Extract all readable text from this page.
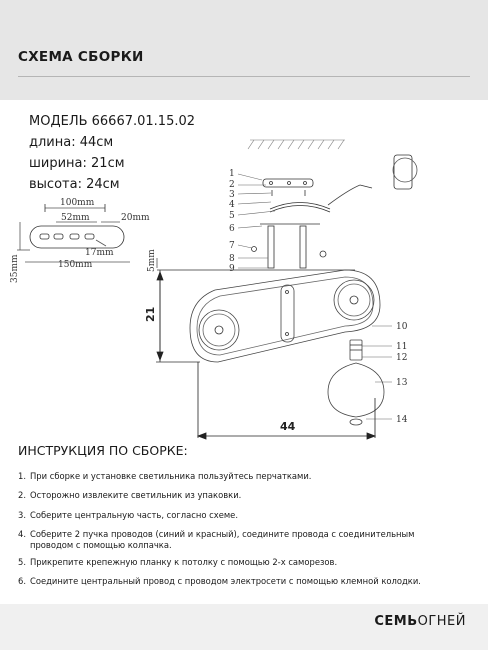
СХЕМА СБОРКИ
МОДЕЛЬ 66667.01.15.02
длина: 44см
ширина: 21см
высота: 24см
100mm
52mm	20mm
17mm
150mm
35mm	5mm
1
2
3
4
5
6
7
8
9
10
11
12
13
14
21
44
ИНСТРУКЦИЯ ПО СБОРКЕ:
1. При сборке и установке светильника пользуйтесь перчатками.
2. Осторожно извлеките светильник из упаковки.
3. Соберите центральную часть, согласно схеме.
4. Соберите 2 пучка проводов (синий и красный), соедините провода с соединительным
проводом с помощью колпачка.
5. Прикрепите крепежную планку к потолку с помощью 2-х саморезов.
6. Соедините центральный провод с проводом электросети с помощью клемной колодки.
СЕМЬОГНЕЙ
